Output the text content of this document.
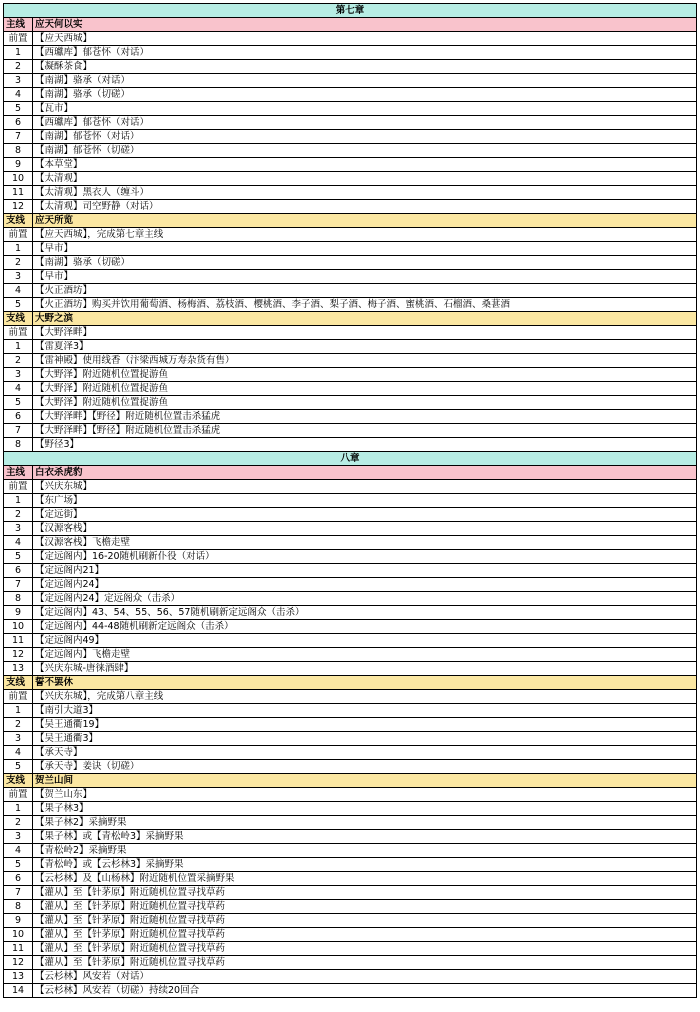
第七章	
主线	应天何以实
前置	【应天西城】
1	【西瓛库】郁苍怀（对话）
2	【凝酥茶食】
3	【南湖】骆承（对话）
4	【南湖】骆承（切磋）
5	【瓦市】
6	【西瓛库】郁苍怀（对话）
7	【南湖】郁苍怀（对话）
8	【南湖】郁苍怀（切磋）
9	【本草堂】
10	【太清观】
11	【太清观】黑衣人（缠斗）
12	【太清观】司空野静（对话）
支线	应天所览
前置	【应天西城】，完成第七章主线
1	【早市】
2	【南湖】骆承（切磋）
3	【早市】
4	【火正酒坊】
5	【火正酒坊】购买并饮用葡萄酒、杨梅酒、荔枝酒、樱桃酒、李子酒、梨子酒、梅子酒、蜜桃酒、石榴酒、桑葚酒
支线	大野之滨
前置	【大野泽畔】
1	【雷夏泽3】
2	【雷神殿】使用线香（汴梁西城万寿杂货有售）
3	【大野泽】附近随机位置捉游鱼
4	【大野泽】附近随机位置捉游鱼
5	【大野泽】附近随机位置捉游鱼
6	【大野泽畔】【野径】附近随机位置击杀猛虎
7	【大野泽畔】【野径】附近随机位置击杀猛虎
8	【野径3】
八章	
主线	白衣杀虎豹
前置	【兴庆东城】
1	【东广场】
2	【定远街】
3	【汉源客栈】
4	【汉源客栈】飞檐走壁
5	【定远阁内】16-20随机刷新仆役（对话）
6	【定远阁内21】
7	【定远阁内24】
8	【定远阁内24】定远阁众（击杀）
9	【定远阁内】43、54、55、56、57随机刷新定远阁众（击杀）
10	【定远阁内】44-48随机刷新定远阁众（击杀）
11	【定远阁内49】
12	【定远阁内】飞檐走壁
13	【兴庆东城-唐徕酒肆】
支线	誓不罢休
前置	【兴庆东城】，完成第八章主线
1	【南引大道3】
2	【吴王通衢19】
3	【吴王通衢3】
4	【承天寺】
5	【承天寺】姜诀（切磋）
支线	贺兰山间
前置	【贺兰山东】
1	【果子林3】
2	【果子林2】采摘野果
3	【果子林】或【青松岭3】采摘野果
4	【青松岭2】采摘野果
5	【青松岭】或【云杉林3】采摘野果
6	【云杉林】及【山杨林】附近随机位置采摘野果
7	【灌从】至【针茅原】附近随机位置寻找草药
8	【灌从】至【针茅原】附近随机位置寻找草药
9	【灌从】至【针茅原】附近随机位置寻找草药
10	【灌从】至【针茅原】附近随机位置寻找草药
11	【灌从】至【针茅原】附近随机位置寻找草药
12	【灌从】至【针茅原】附近随机位置寻找草药
13	【云杉林】风安若（对话）
14	【云杉林】风安若（切磋）持续20回合
